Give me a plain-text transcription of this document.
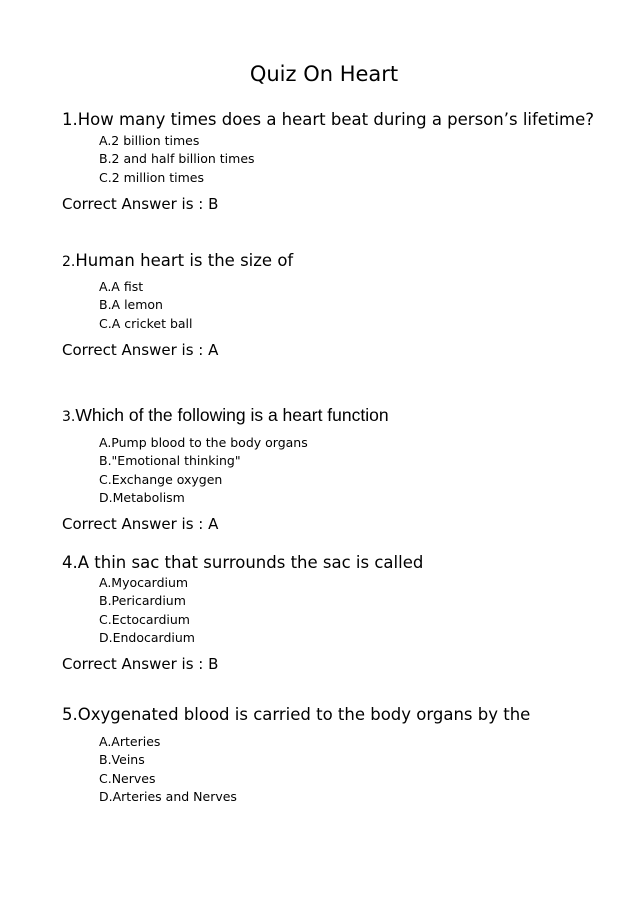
Quiz On Heart
1.How many times does a heart beat during a person’s lifetime?
A.2 billion times
B.2 and half billion times
C.2 million times
Correct Answer is : B
2.Human heart is the size of
A.A fist
B.A lemon
C.A cricket ball
Correct Answer is : A
3.Which of the following is a heart function
A.Pump blood to the body organs
B."Emotional thinking"
C.Exchange oxygen
D.Metabolism
Correct Answer is : A
4.A thin sac that surrounds the sac is called
A.Myocardium
B.Pericardium
C.Ectocardium
D.Endocardium
Correct Answer is : B
5.Oxygenated blood is carried to the body organs by the
A.Arteries
B.Veins
C.Nerves
D.Arteries and Nerves
